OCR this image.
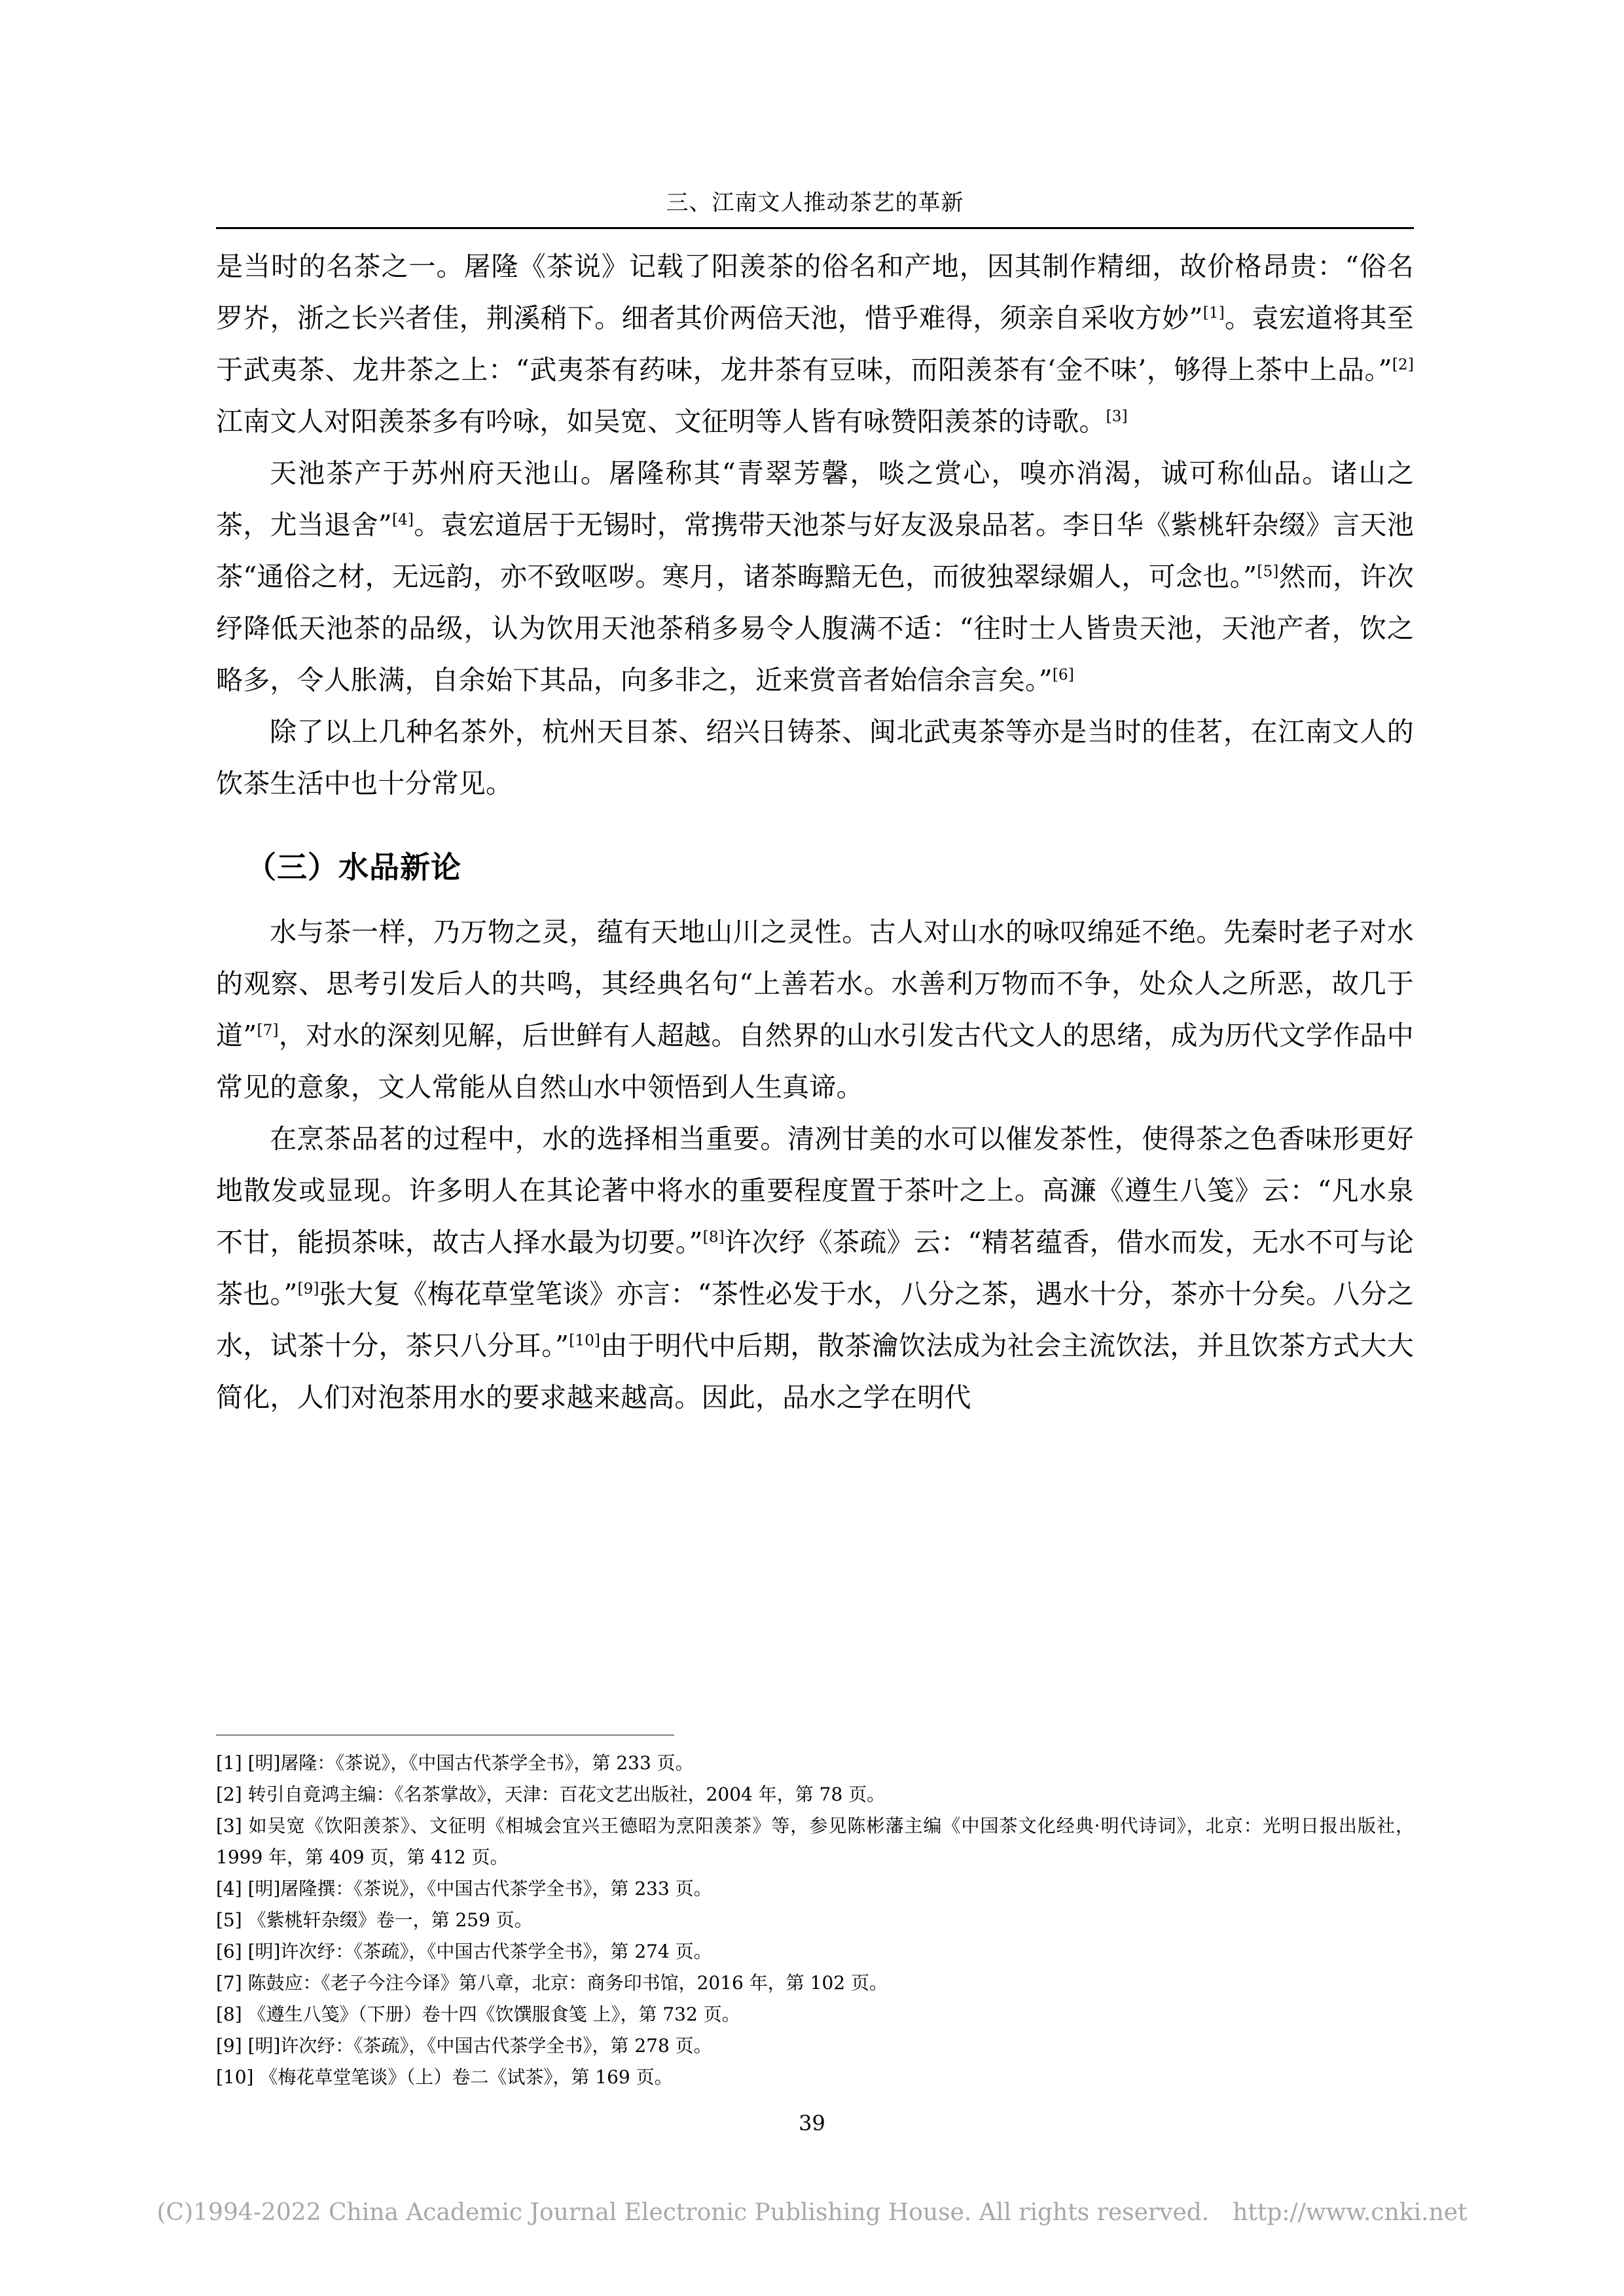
三、江南文人推动茶艺的革新

是当时的名茶之一。屠隆《茶说》记载了阳羡茶的俗名和产地，因其制作精细，故价格昂贵：“俗名罗岕，浙之长兴者佳，荆溪稍下。细者其价两倍天池，惜乎难得，须亲自采收方妙”[1]。袁宏道将其至于武夷茶、龙井茶之上：“武夷茶有药味，龙井茶有豆味，而阳羡茶有‘金不味’，够得上茶中上品。”[2]江南文人对阳羡茶多有吟咏，如吴宽、文征明等人皆有咏赞阳羡茶的诗歌。[3]

天池茶产于苏州府天池山。屠隆称其“青翠芳馨，啖之赏心，嗅亦消渴，诚可称仙品。诸山之茶，尤当退舍”[4]。袁宏道居于无锡时，常携带天池茶与好友汲泉品茗。李日华《紫桃轩杂缀》言天池茶“通俗之材，无远韵，亦不致呕哕。寒月，诸茶晦黯无色，而彼独翠绿媚人，可念也。”[5]然而，许次纾降低天池茶的品级，认为饮用天池茶稍多易令人腹满不适：“往时士人皆贵天池，天池产者，饮之略多，令人胀满，自余始下其品，向多非之，近来赏音者始信余言矣。”[6]

除了以上几种名茶外，杭州天目茶、绍兴日铸茶、闽北武夷茶等亦是当时的佳茗，在江南文人的饮茶生活中也十分常见。

（三）水品新论

水与茶一样，乃万物之灵，蕴有天地山川之灵性。古人对山水的咏叹绵延不绝。先秦时老子对水的观察、思考引发后人的共鸣，其经典名句“上善若水。水善利万物而不争，处众人之所恶，故几于道”[7]，对水的深刻见解，后世鲜有人超越。自然界的山水引发古代文人的思绪，成为历代文学作品中常见的意象，文人常能从自然山水中领悟到人生真谛。

在烹茶品茗的过程中，水的选择相当重要。清冽甘美的水可以催发茶性，使得茶之色香味形更好地散发或显现。许多明人在其论著中将水的重要程度置于茶叶之上。高濂《遵生八笺》云：“凡水泉不甘，能损茶味，故古人择水最为切要。”[8]许次纾《茶疏》云：“精茗蕴香，借水而发，无水不可与论茶也。”[9]张大复《梅花草堂笔谈》亦言：“茶性必发于水，八分之茶，遇水十分，茶亦十分矣。八分之水，试茶十分，茶只八分耳。”[10]由于明代中后期，散茶瀹饮法成为社会主流饮法，并且饮茶方式大大简化，人们对泡茶用水的要求越来越高。因此，品水之学在明代

[1] [明]屠隆：《茶说》，《中国古代茶学全书》，第 233 页。

[2] 转引自竟鸿主编：《名茶掌故》，天津：百花文艺出版社，2004 年，第 78 页。

[3] 如吴宽《饮阳羡茶》、文征明《相城会宜兴王德昭为烹阳羡茶》等，参见陈彬藩主编《中国茶文化经典·明代诗词》，北京：光明日报出版社，1999 年，第 409 页，第 412 页。

[4] [明]屠隆撰：《茶说》，《中国古代茶学全书》，第 233 页。

[5] 《紫桃轩杂缀》卷一，第 259 页。

[6] [明]许次纾：《茶疏》，《中国古代茶学全书》，第 274 页。

[7] 陈鼓应：《老子今注今译》第八章，北京：商务印书馆，2016 年，第 102 页。

[8] 《遵生八笺》（下册）卷十四《饮馔服食笺 上》，第 732 页。

[9] [明]许次纾：《茶疏》，《中国古代茶学全书》，第 278 页。

[10] 《梅花草堂笔谈》（上）卷二《试茶》，第 169 页。

39
(C)1994-2022 China Academic Journal Electronic Publishing House. All rights reserved. http://www.cnki.net
